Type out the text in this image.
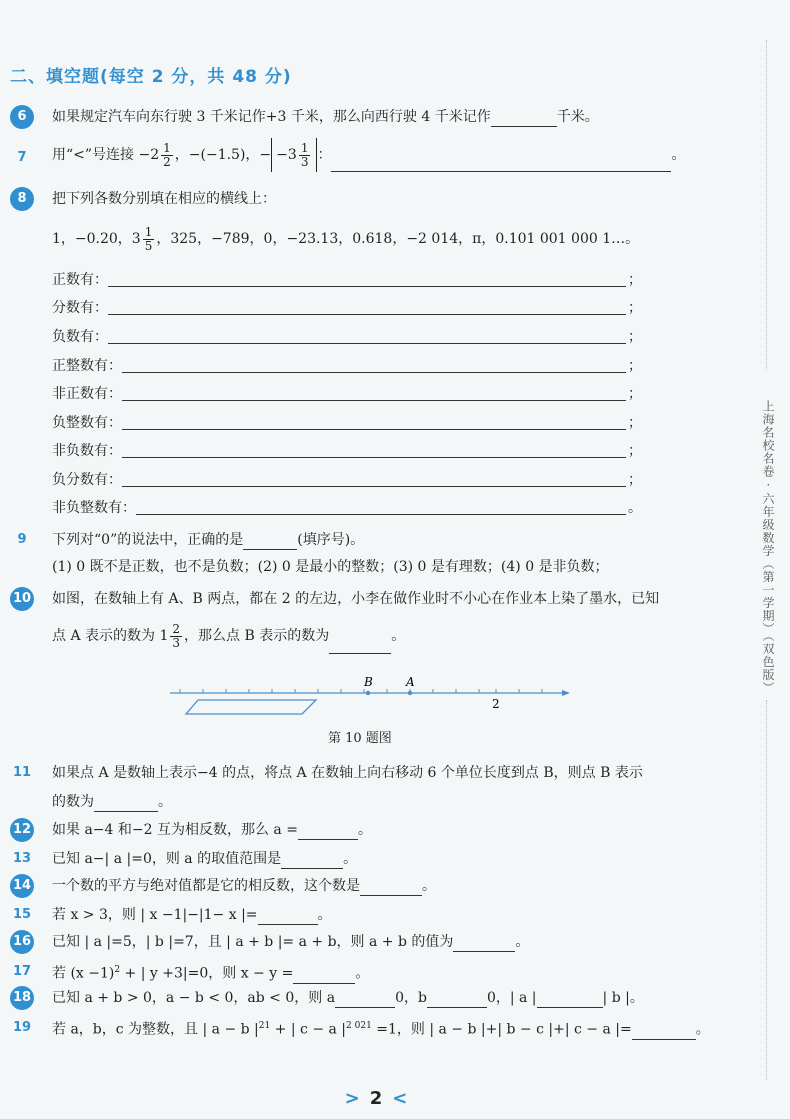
二、填空题(每空 2 分，共 48 分)
6	如果规定汽车向东行驶 3 千米记作+3 千米，那么向西行驶 4 千米记作	千米。
7	用“<”号连接 $-2 \frac{1}{2}$ ，−(−1.5)，− $-3 \frac{1}{3}$ ：	。
8	把下列各数分别填在相应的横线上：
1，−0.20，$3 \frac{1}{5}$ ，325，−789，0，−23.13，0.618，−2 014，π，0.101 001 000 1…。
正数有：	；
分数有：	；
负数有：	；
正整数有：	；
非正数有：	；
负整数有：	；
非负数有：	；
负分数有：	；
非负整数有：	。
9	下列对“0”的说法中，正确的是	(填序号)。
(1) 0 既不是正数，也不是负数；(2) 0 是最小的整数；(3) 0 是有理数；(4) 0 是非负数；
10 如图，在数轴上有 A、B 两点，都在 2 的左边，小李在做作业时不小心在作业本上染了墨水，已知
点 A 表示的数为 $1 \frac{2}{3}$ ，那么点 B 表示的数为	。
B	A
2
第 10 题图
11 如果点 A 是数轴上表示−4 的点，将点 A 在数轴上向右移动 6 个单位长度到点 B，则点 B 表示
的数为	。
12 如果 a−4 和−2 互为相反数，那么 a =	。
13 已知 a−| a |=0，则 a 的取值范围是	。
14 一个数的平方与绝对值都是它的相反数，这个数是	。
15 若 x > 3，则 | x −1|−|1− x |=	。
16 已知 | a |=5，| b |=7，且 | a + b |= a + b，则 a + b 的值为	。
17 若 $(x -1)^2$ + | y +3|=0，则 x − y =	。
18 已知 a + b > 0，a − b < 0，ab < 0，则 a	0，b	0，| a |	| b |。
19 若 a，b，c 为整数，且 | a − b $|^{21}$ + | c − a $|^{2 021} =1$，则 | a − b |+| b − c |+| c − a |=	。
上海名校名卷 · 六年级数学（第一学期）（双色版）
> 2 <
